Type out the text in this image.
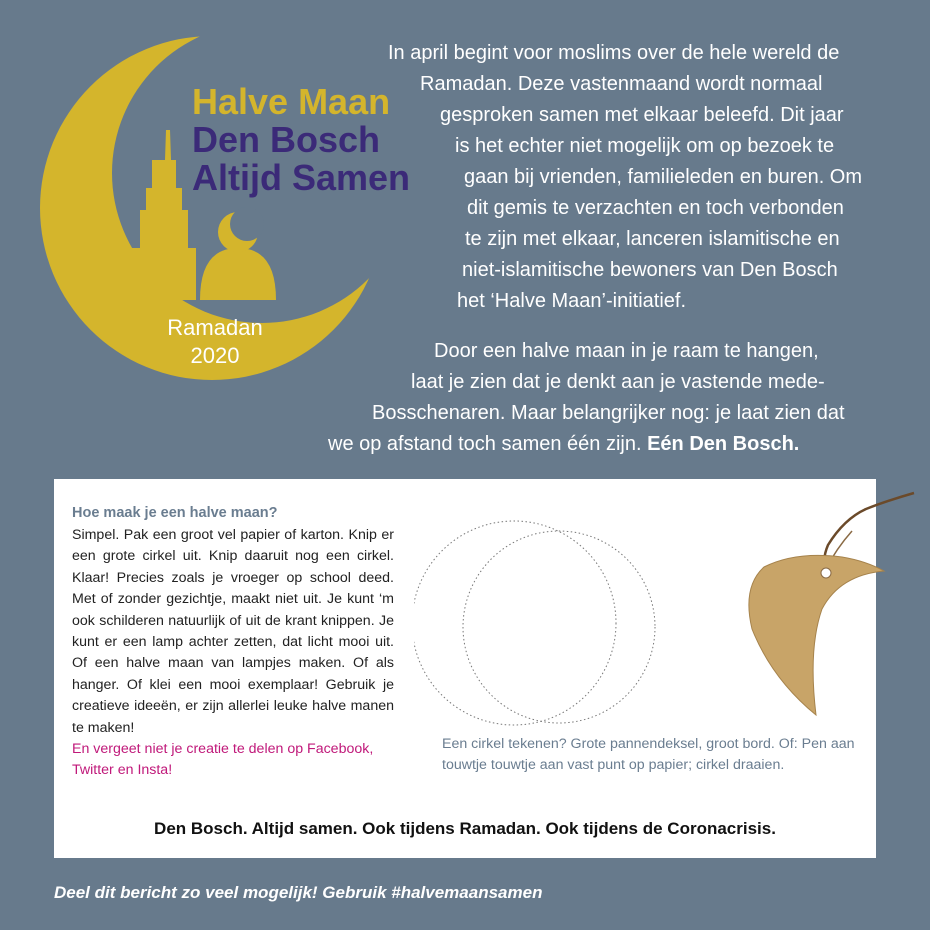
Halve Maan
Den Bosch
Altijd Samen
Ramadan
2020
In april begint voor moslims over de hele wereld de
Ramadan. Deze vastenmaand wordt normaal
gesproken samen met elkaar beleefd. Dit jaar
is het echter niet mogelijk om op bezoek te
gaan bij vrienden, familieleden en buren. Om
dit gemis te verzachten en toch verbonden
te zijn met elkaar, lanceren islamitische en
niet-islamitische bewoners van Den Bosch
het ‘Halve Maan’-initiatief.
Door een halve maan in je raam te hangen,
laat je zien dat je denkt aan je vastende mede-
Bosschenaren. Maar belangrijker nog: je laat zien dat
we op afstand toch samen één zijn. Eén Den Bosch.
Hoe maak je een halve maan?
Simpel. Pak een groot vel papier of karton. Knip er een grote cirkel uit. Knip daaruit nog een cirkel. Klaar! Precies zoals je vroeger op school deed. Met of zonder gezichtje, maakt niet uit. Je kunt ‘m ook schilderen natuurlijk of uit de krant knippen. Je kunt er een lamp achter zetten, dat licht mooi uit. Of een halve maan van lampjes maken. Of als hanger. Of klei een mooi exemplaar! Gebruik je creatieve ideeën, er zijn allerlei leuke halve manen te maken!
En vergeet niet je creatie te delen op Facebook, Twitter en Insta!
Een cirkel tekenen? Grote pannendeksel, groot bord. Of: Pen aan touwtje touwtje aan vast punt op papier; cirkel draaien.
Den Bosch. Altijd samen. Ook tijdens Ramadan. Ook tijdens de Coronacrisis.
Deel dit bericht zo veel mogelijk! Gebruik #halvemaansamen
